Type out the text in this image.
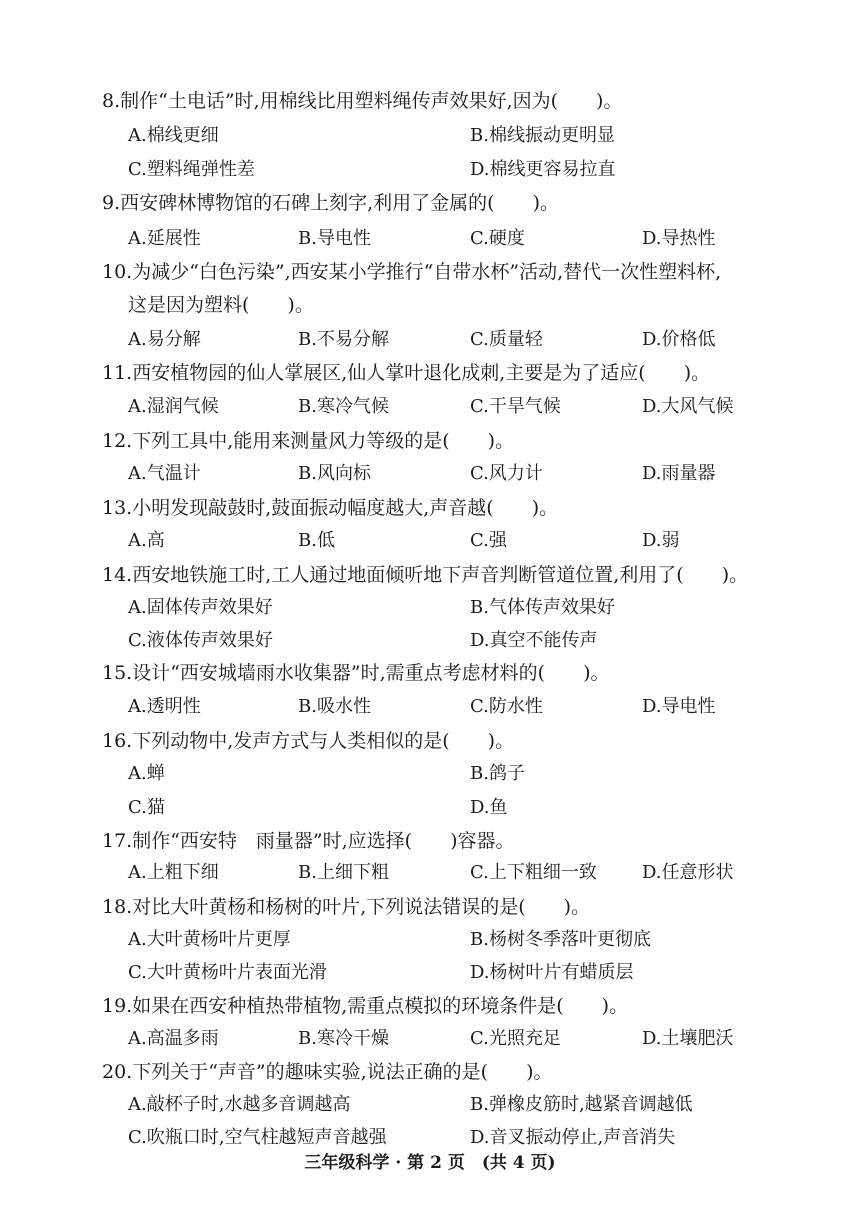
8.制作“土电话”时,用棉线比用塑料绳传声效果好,因为(　　)。
A.棉线更细	B.棉线振动更明显
C.塑料绳弹性差	D.棉线更容易拉直
9.西安碑林博物馆的石碑上刻字,利用了金属的(　　)。
A.延展性	B.导电性	C.硬度	D.导热性
10.为减少“白色污染”,西安某小学推行“自带水杯”活动,替代一次性塑料杯,
这是因为塑料(　　)。
A.易分解	B.不易分解	C.质量轻	D.价格低
11.西安植物园的仙人掌展区,仙人掌叶退化成刺,主要是为了适应(　　)。
A.湿润气候	B.寒冷气候	C.干旱气候	D.大风气候
12.下列工具中,能用来测量风力等级的是(　　)。
A.气温计	B.风向标	C.风力计	D.雨量器
13.小明发现敲鼓时,鼓面振动幅度越大,声音越(　　)。
A.高	B.低	C.强	D.弱
14.西安地铁施工时,工人通过地面倾听地下声音判断管道位置,利用了(　　)。
A.固体传声效果好	B.气体传声效果好
C.液体传声效果好	D.真空不能传声
15.设计“西安城墙雨水收集器”时,需重点考虑材料的(　　)。
A.透明性	B.吸水性	C.防水性	D.导电性
16.下列动物中,发声方式与人类相似的是(　　)。
A.蝉	B.鸽子
C.猫	D.鱼
17.制作“西安特　雨量器”时,应选择(　　)容器。
A.上粗下细	B.上细下粗	C.上下粗细一致	D.任意形状
18.对比大叶黄杨和杨树的叶片,下列说法错误的是(　　)。
A.大叶黄杨叶片更厚	B.杨树冬季落叶更彻底
C.大叶黄杨叶片表面光滑	D.杨树叶片有蜡质层
19.如果在西安种植热带植物,需重点模拟的环境条件是(　　)。
A.高温多雨	B.寒冷干燥	C.光照充足	D.土壤肥沃
20.下列关于“声音”的趣味实验,说法正确的是(　　)。
A.敲杯子时,水越多音调越高	B.弹橡皮筋时,越紧音调越低
C.吹瓶口时,空气柱越短声音越强	D.音叉振动停止,声音消失
三年级科学 · 第 2 页　(共 4 页)
